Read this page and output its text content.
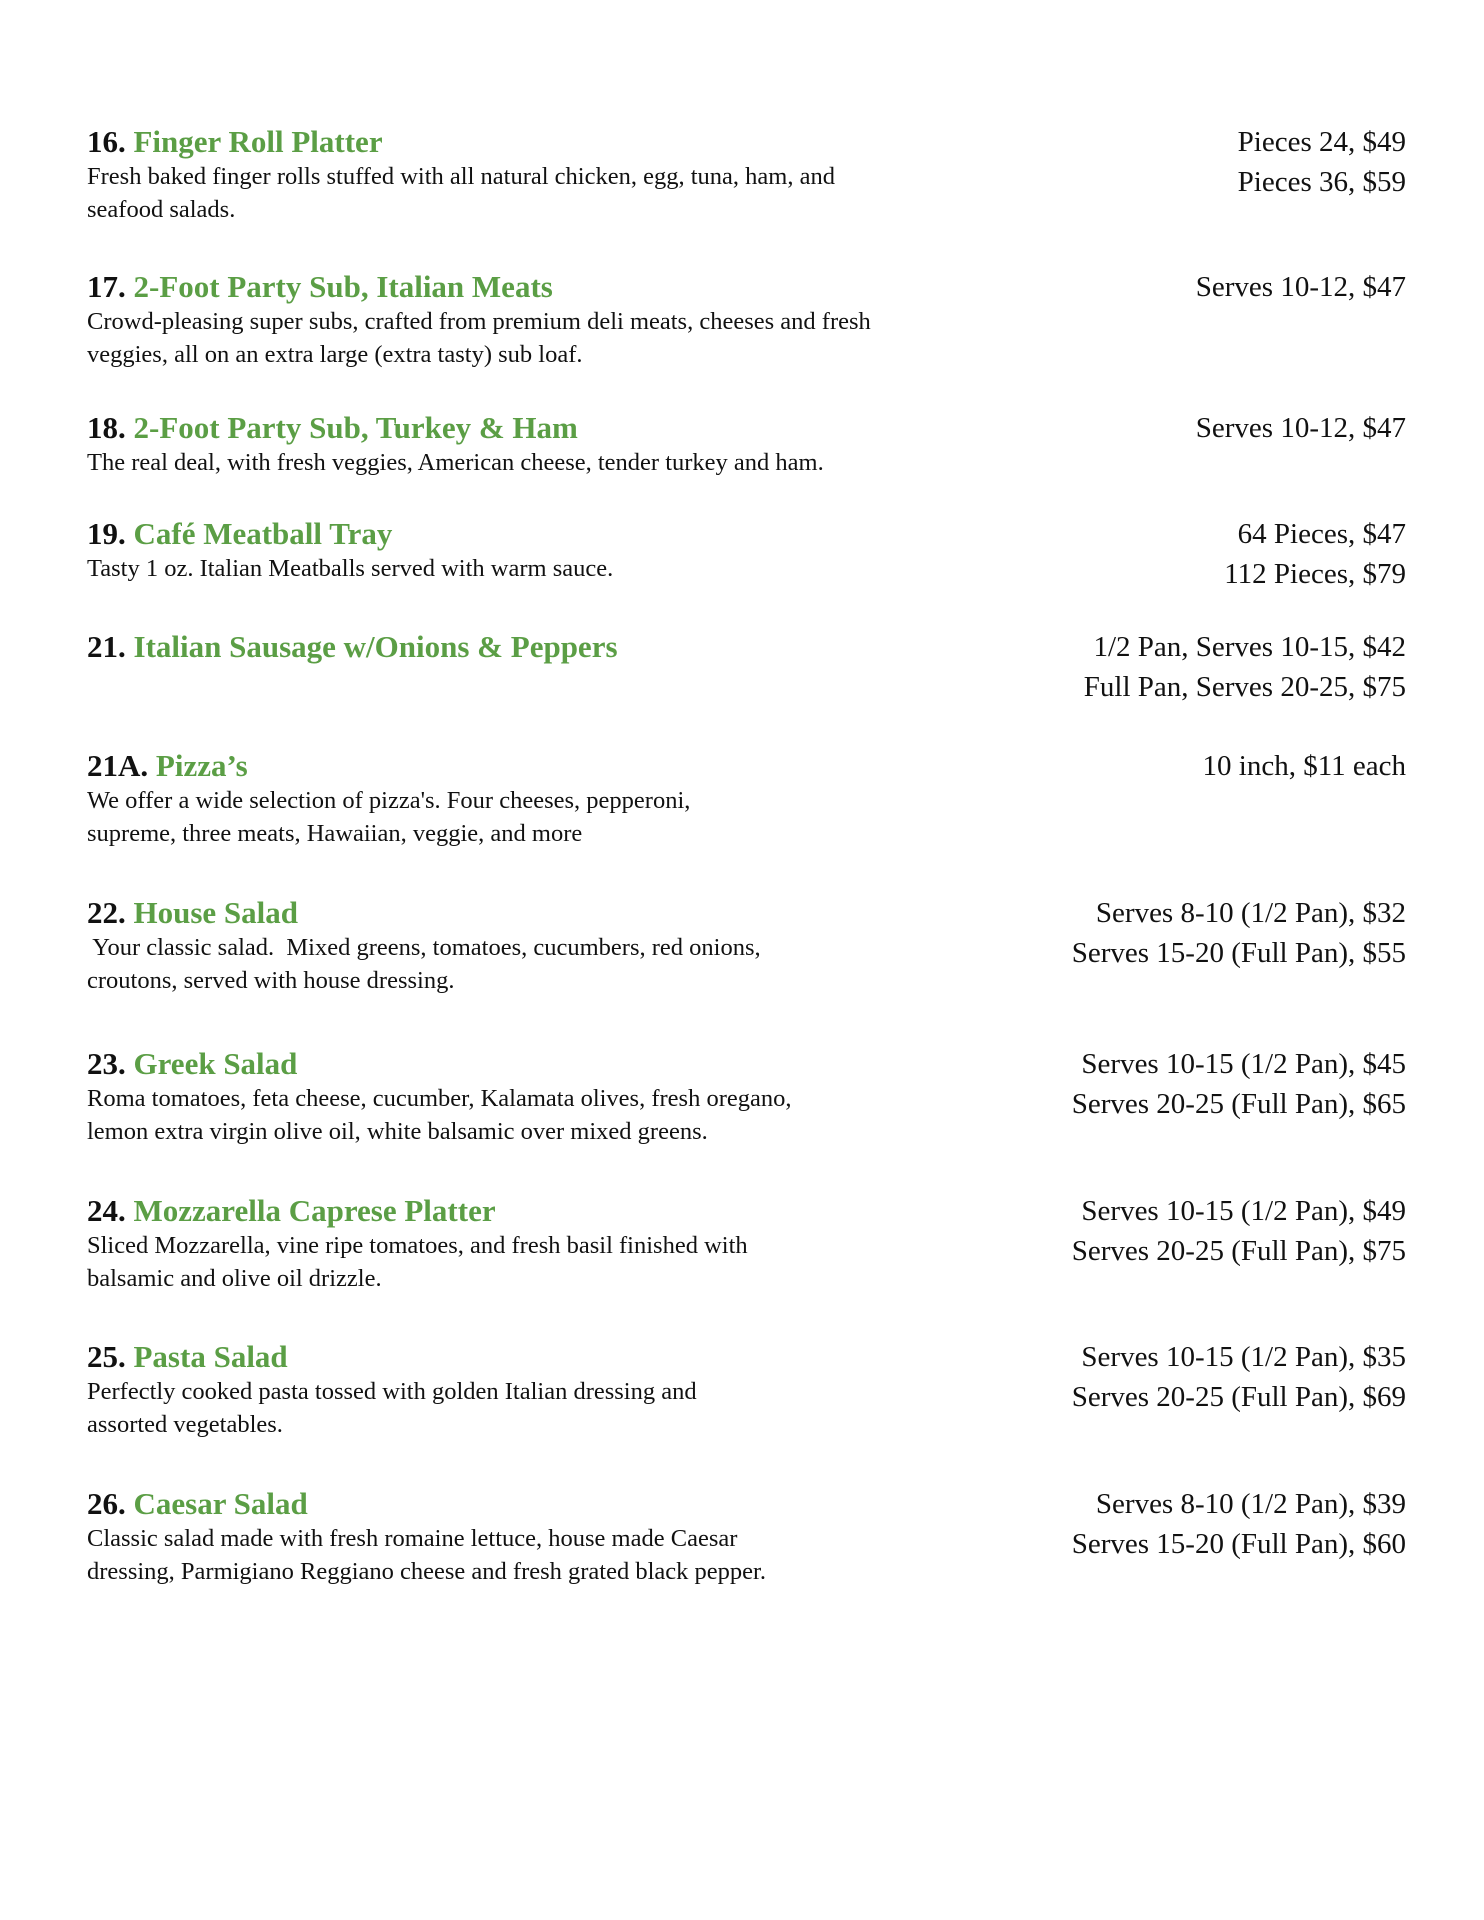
16. Finger Roll Platter
Fresh baked finger rolls stuffed with all natural chicken, egg, tuna, ham, and
seafood salads.
Pieces 24, $49
Pieces 36, $59
17. 2-Foot Party Sub, Italian Meats
Crowd-pleasing super subs, crafted from premium deli meats, cheeses and fresh
veggies, all on an extra large (extra tasty) sub loaf.
Serves 10-12, $47
18. 2-Foot Party Sub, Turkey & Ham
The real deal, with fresh veggies, American cheese, tender turkey and ham.
Serves 10-12, $47
19. Café Meatball Tray
Tasty 1 oz. Italian Meatballs served with warm sauce.
64 Pieces, $47
112 Pieces, $79
21. Italian Sausage w/Onions & Peppers	1/2 Pan, Serves 10-15, $42
Full Pan, Serves 20-25, $75
21A. Pizza’s
We offer a wide selection of pizza's. Four cheeses, pepperoni,
supreme, three meats, Hawaiian, veggie, and more
10 inch, $11 each
22. House Salad
Your classic salad.  Mixed greens, tomatoes, cucumbers, red onions,
croutons, served with house dressing.
Serves 8-10 (1/2 Pan), $32
Serves 15-20 (Full Pan), $55
23. Greek Salad
Roma tomatoes, feta cheese, cucumber, Kalamata olives, fresh oregano,
lemon extra virgin olive oil, white balsamic over mixed greens.
Serves 10-15 (1/2 Pan), $45
Serves 20-25 (Full Pan), $65
24. Mozzarella Caprese Platter
Sliced Mozzarella, vine ripe tomatoes, and fresh basil finished with
balsamic and olive oil drizzle.
Serves 10-15 (1/2 Pan), $49
Serves 20-25 (Full Pan), $75
25. Pasta Salad
Perfectly cooked pasta tossed with golden Italian dressing and
assorted vegetables.
Serves 10-15 (1/2 Pan), $35
Serves 20-25 (Full Pan), $69
26. Caesar Salad
Classic salad made with fresh romaine lettuce, house made Caesar
dressing, Parmigiano Reggiano cheese and fresh grated black pepper.
Serves 8-10 (1/2 Pan), $39
Serves 15-20 (Full Pan), $60
